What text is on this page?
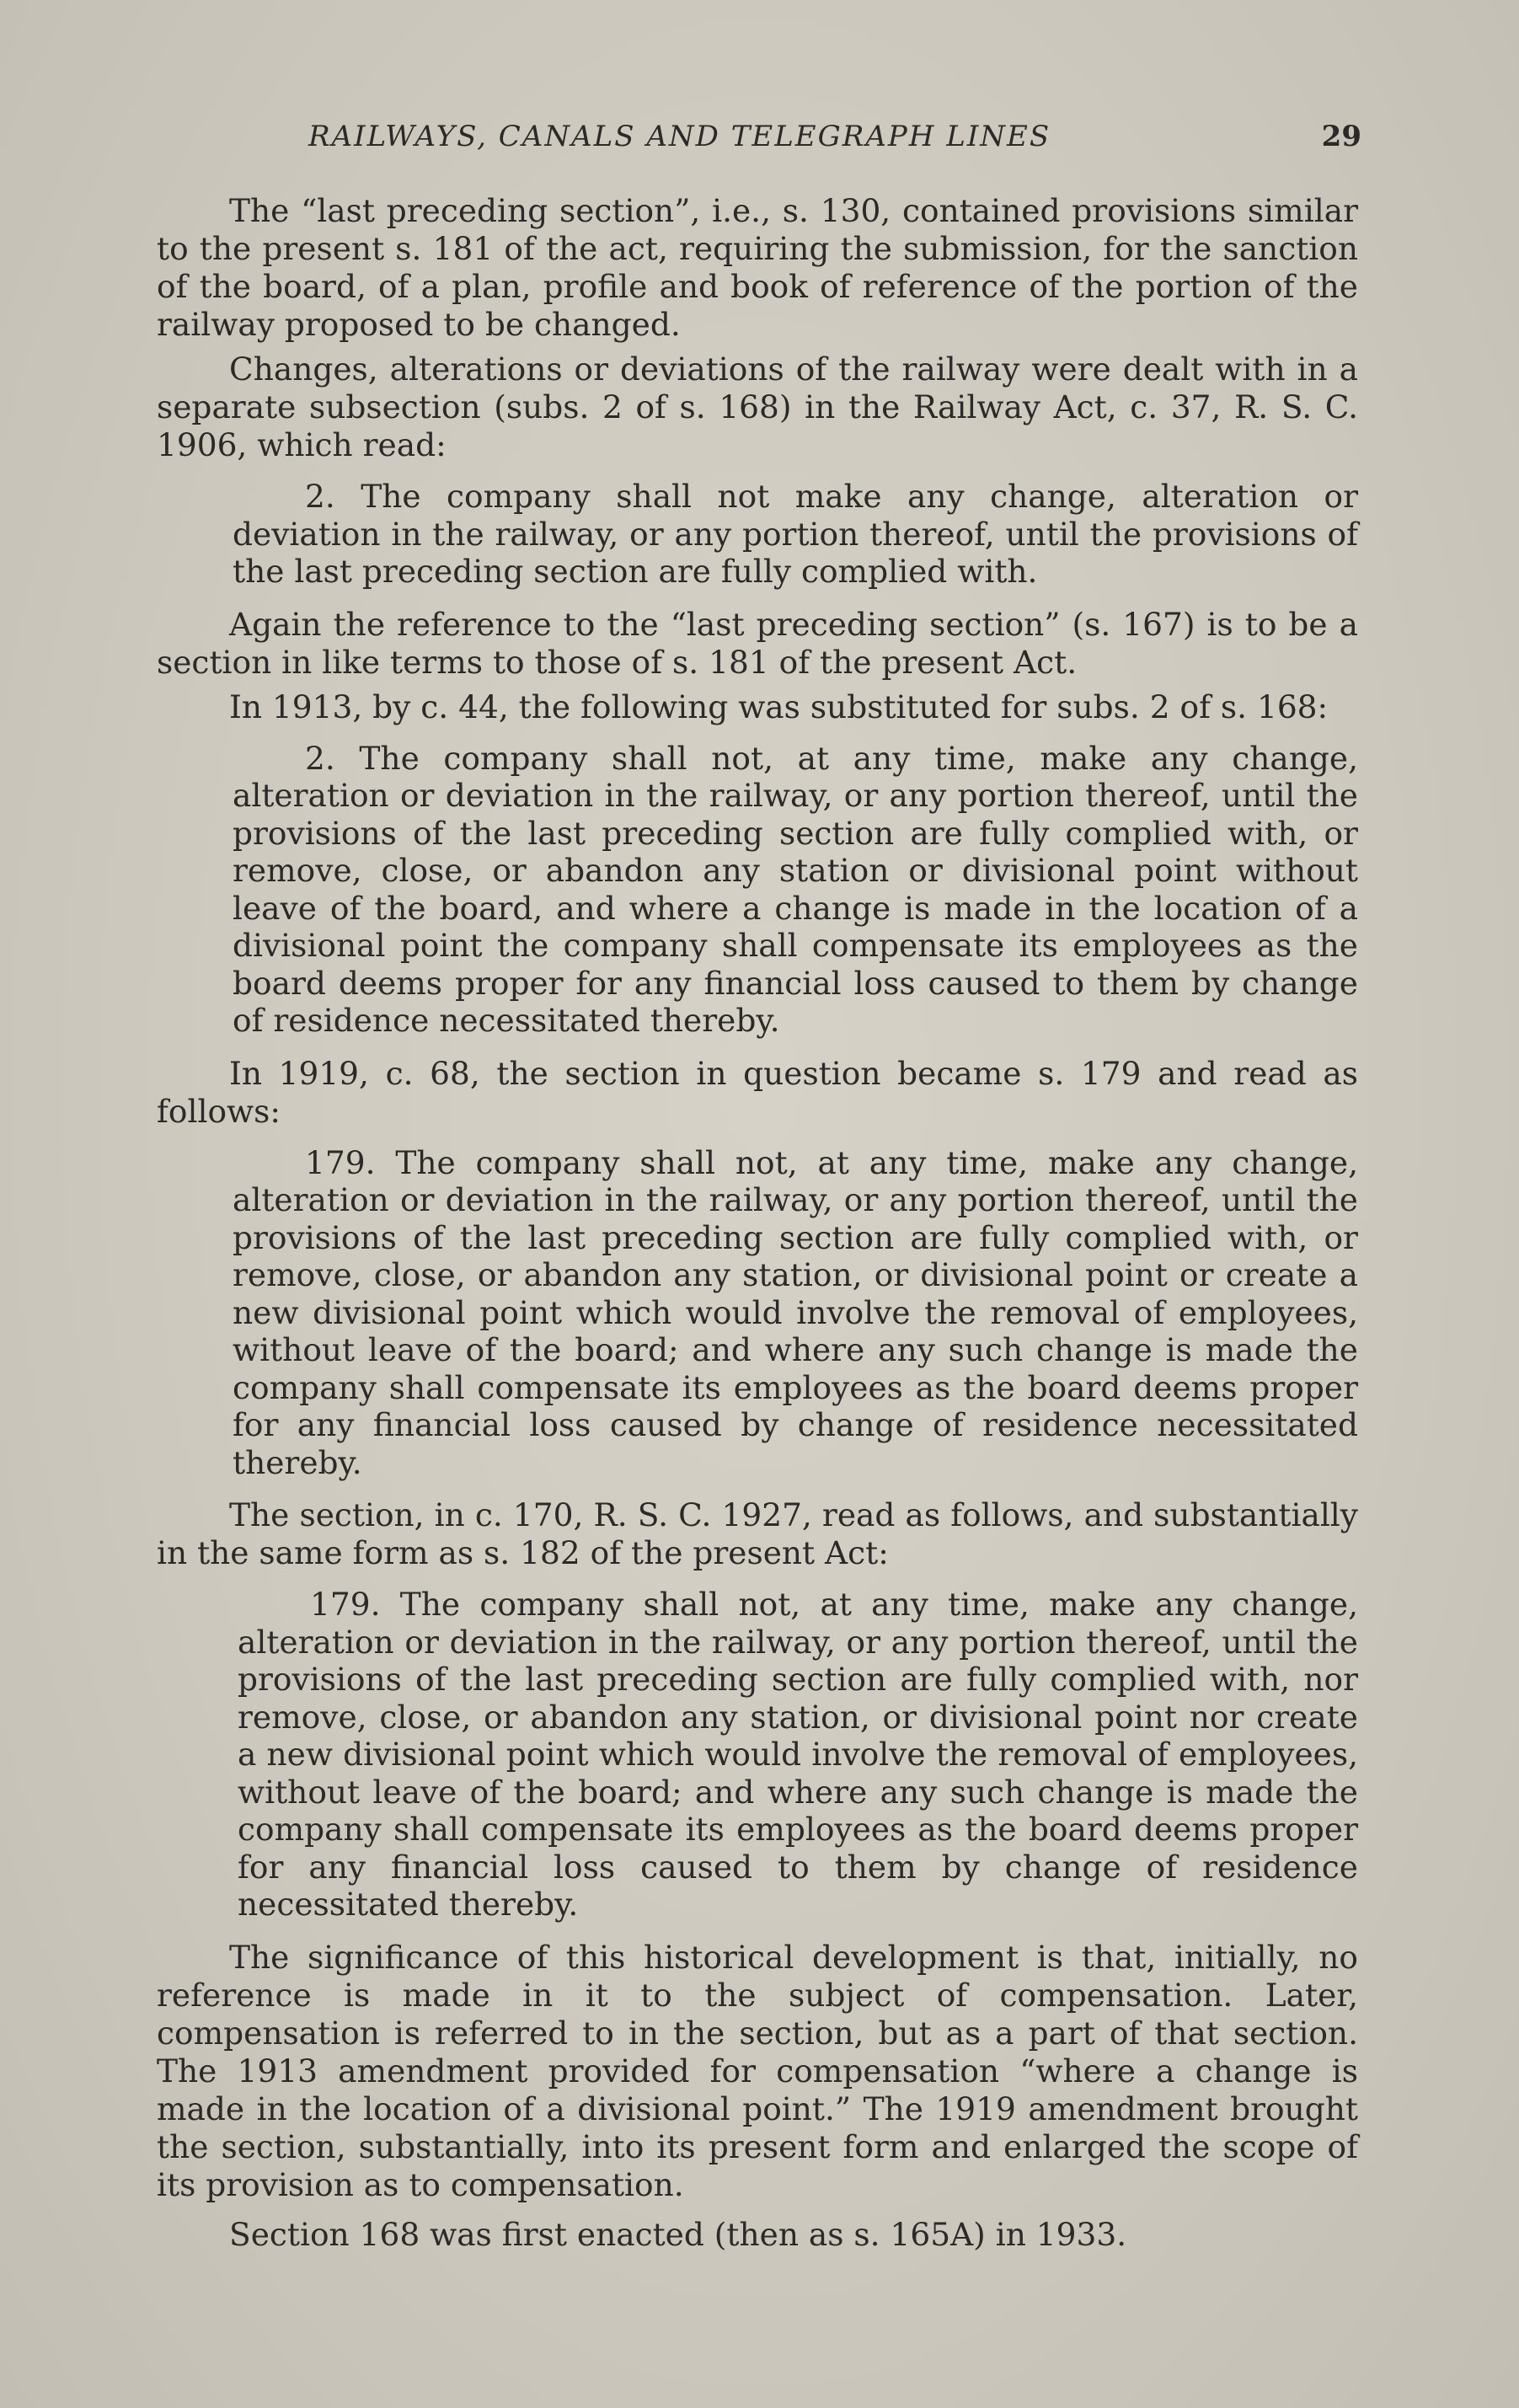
RAILWAYS, CANALS AND TELEGRAPH LINES	29

The “last preceding section”, i.e., s. 130, contained provisions similar to the present s. 181 of the act, requiring the submission, for the sanction of the board, of a plan, profile and book of reference of the portion of the railway proposed to be changed.

Changes, alterations or deviations of the railway were dealt with in a separate subsection (subs. 2 of s. 168) in the Railway Act, c. 37, R. S. C. 1906, which read:

2. The company shall not make any change, alteration or deviation in the railway, or any portion thereof, until the provisions of the last preceding section are fully complied with.

Again the reference to the “last preceding section” (s. 167) is to be a section in like terms to those of s. 181 of the present Act.

In 1913, by c. 44, the following was substituted for subs. 2 of s. 168:

2. The company shall not, at any time, make any change, alteration or deviation in the railway, or any portion thereof, until the provisions of the last preceding section are fully complied with, or remove, close, or abandon any station or divisional point without leave of the board, and where a change is made in the location of a divisional point the company shall compensate its employees as the board deems proper for any financial loss caused to them by change of residence necessitated thereby.

In 1919, c. 68, the section in question became s. 179 and read as follows:

179. The company shall not, at any time, make any change, alteration or deviation in the railway, or any portion thereof, until the provisions of the last preceding section are fully complied with, or remove, close, or abandon any station, or divisional point or create a new divisional point which would involve the removal of employees, without leave of the board; and where any such change is made the company shall compensate its employees as the board deems proper for any financial loss caused by change of residence necessitated thereby.

The section, in c. 170, R. S. C. 1927, read as follows, and substantially in the same form as s. 182 of the present Act:

179. The company shall not, at any time, make any change, alteration or deviation in the railway, or any portion thereof, until the provisions of the last preceding section are fully complied with, nor remove, close, or abandon any station, or divisional point nor create a new divisional point which would involve the removal of employees, without leave of the board; and where any such change is made the company shall compensate its employees as the board deems proper for any financial loss caused to them by change of residence necessitated thereby.

The significance of this historical development is that, initially, no reference is made in it to the subject of compensation. Later, compensation is referred to in the section, but as a part of that section. The 1913 amendment provided for compensation “where a change is made in the location of a divisional point.” The 1919 amendment brought the section, substantially, into its present form and enlarged the scope of its provision as to compensation.

Section 168 was first enacted (then as s. 165A) in 1933.
